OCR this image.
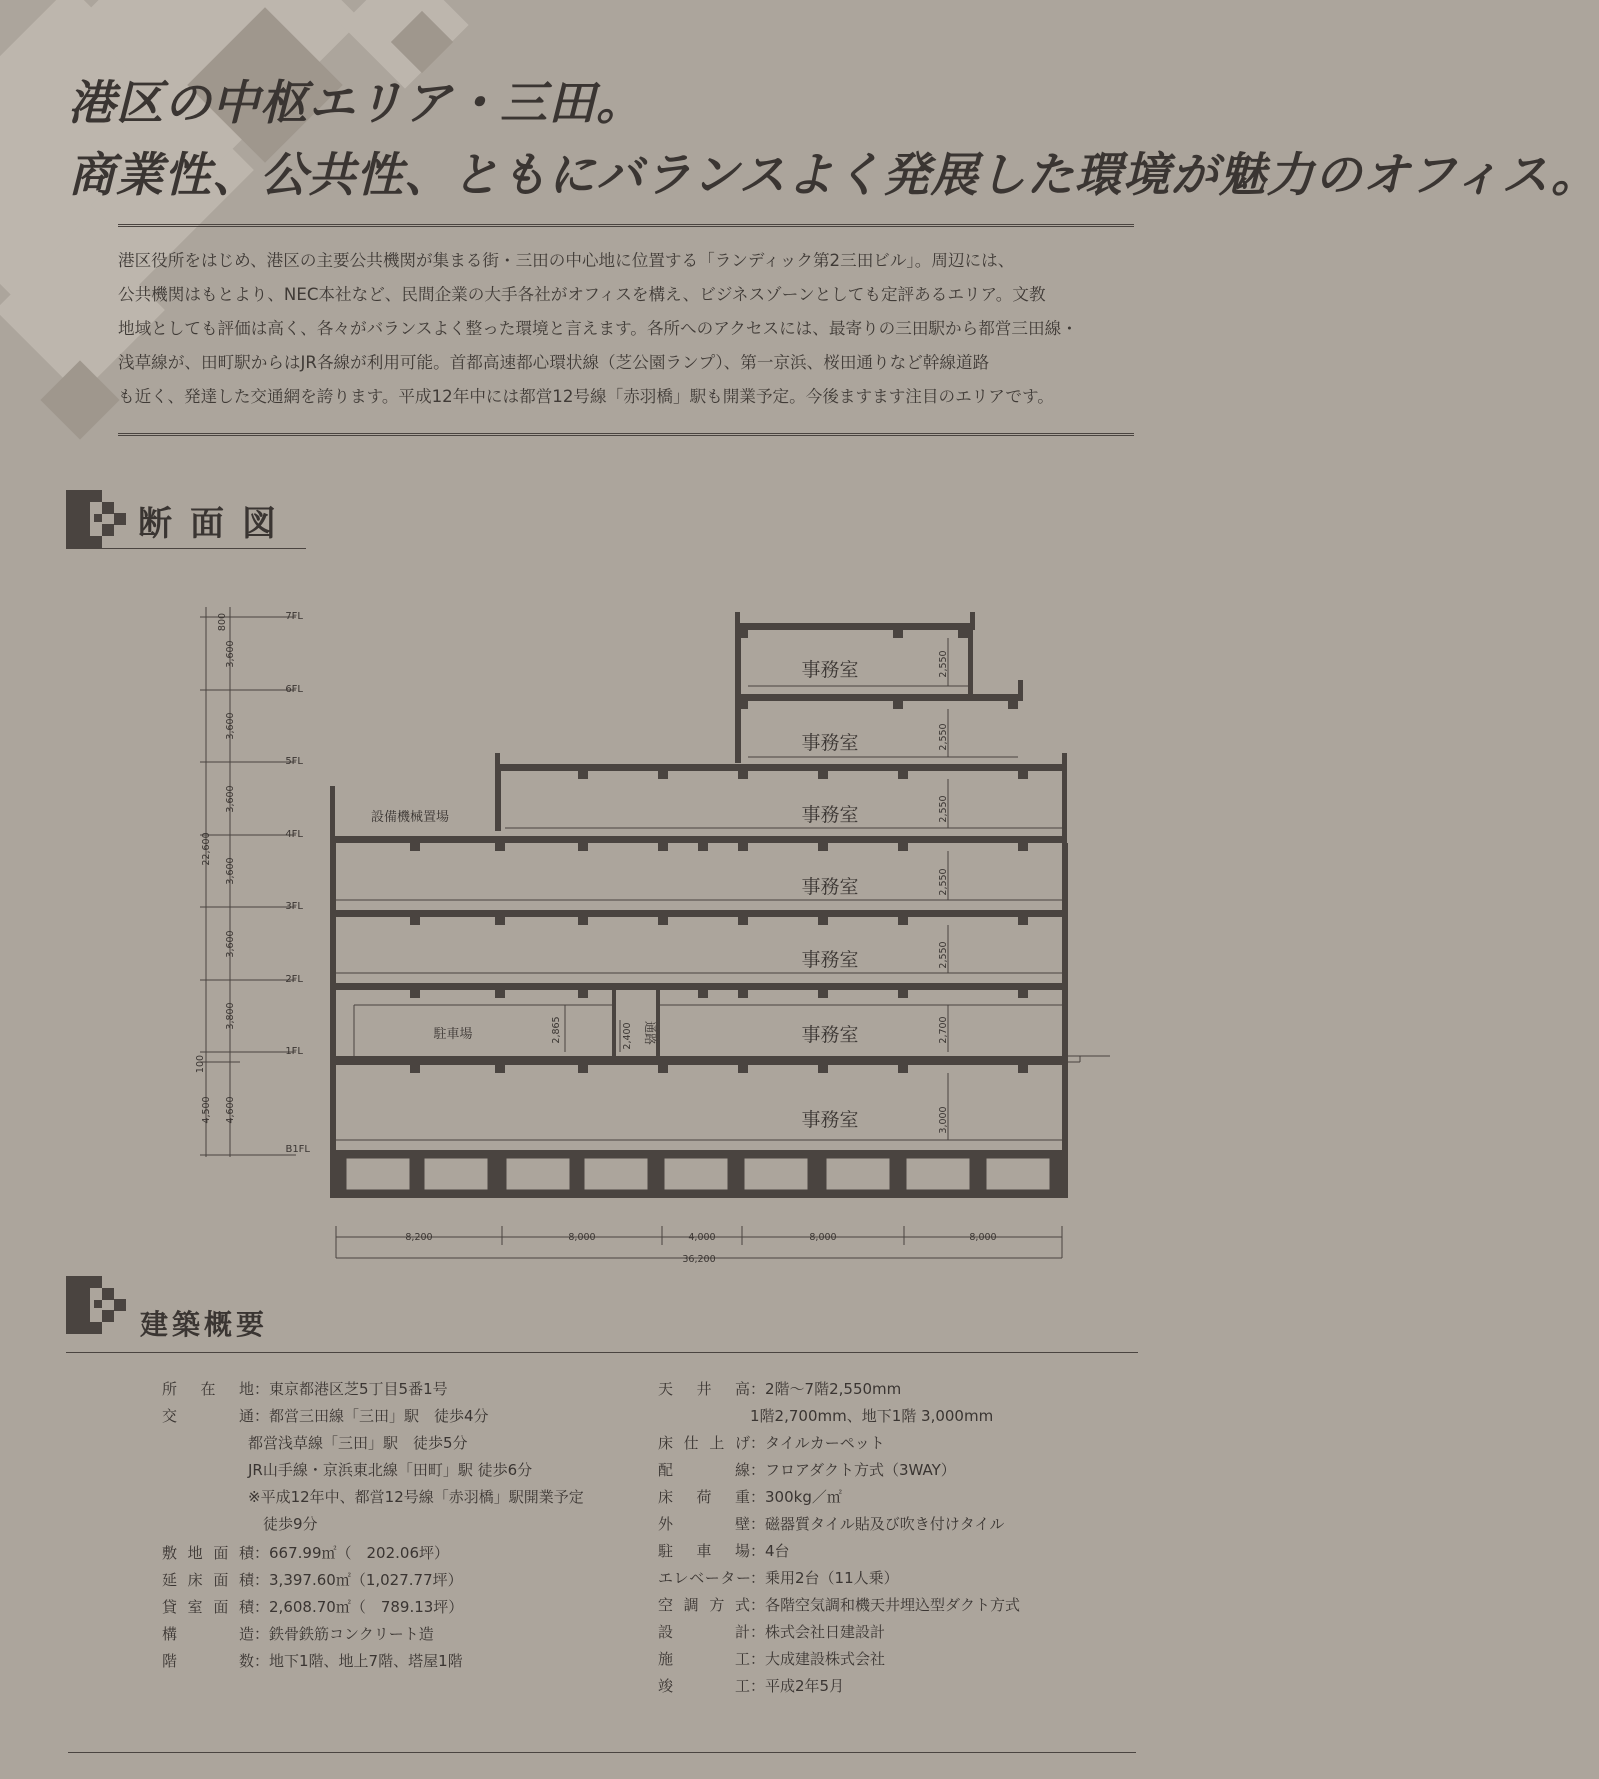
港区の中枢エリア・三田。
商業性、公共性、ともにバランスよく発展した環境が魅力のオフィス。
港区役所をはじめ、港区の主要公共機関が集まる街・三田の中心地に位置する「ランディック第2三田ビル」。周辺には、
公共機関はもとより、NEC本社など、民間企業の大手各社がオフィスを構え、ビジネスゾーンとしても定評あるエリア。文教
地域としても評価は高く、各々がバランスよく整った環境と言えます。各所へのアクセスには、最寄りの三田駅から都営三田線・
浅草線が、田町駅からはJR各線が利用可能。首都高速都心環状線（芝公園ランプ）、第一京浜、桜田通りなど幹線道路
も近く、発達した交通網を誇ります。平成12年中には都営12号線「赤羽橋」駅も開業予定。今後ますます注目のエリアです。
断面図
7FL
6FL
5FL
4FL
3FL
2FL
1FL
B1FL
800
3,600
3,600
3,600
3,600
3,600
3,800
4,600
22,600
100
4,500
事務室
事務室
事務室
事務室
事務室
事務室
事務室
設備機械置場
駐車場	通路
2,550
2,550
2,550
2,550
2,550
2,700
3,000
2,865	2,400
8,200	8,000	4,000	8,000	8,000
36,200
建築概要
所在地：東京都港区芝5丁目5番1号
交通：都営三田線「三田」駅　徒歩4分
都営浅草線「三田」駅　徒歩5分
JR山手線・京浜東北線「田町」駅 徒歩6分
※平成12年中、都営12号線「赤羽橋」駅開業予定
　徒歩9分
敷地面積：667.99㎡（　202.06坪）
延床面積：3,397.60㎡（1,027.77坪）
貸室面積：2,608.70㎡（　789.13坪）
構造：鉄骨鉄筋コンクリート造
階数：地下1階、地上7階、塔屋1階
天井高：2階〜7階2,550mm
1階2,700mm、地下1階 3,000mm
床仕上げ：タイルカーペット
配線：フロアダクト方式（3WAY）
床荷重：300kg／㎡
外壁：磁器質タイル貼及び吹き付けタイル
駐車場：4台
エレベーター：乗用2台（11人乗）
空調方式：各階空気調和機天井埋込型ダクト方式
設計：株式会社日建設計
施工：大成建設株式会社
竣工：平成2年5月
